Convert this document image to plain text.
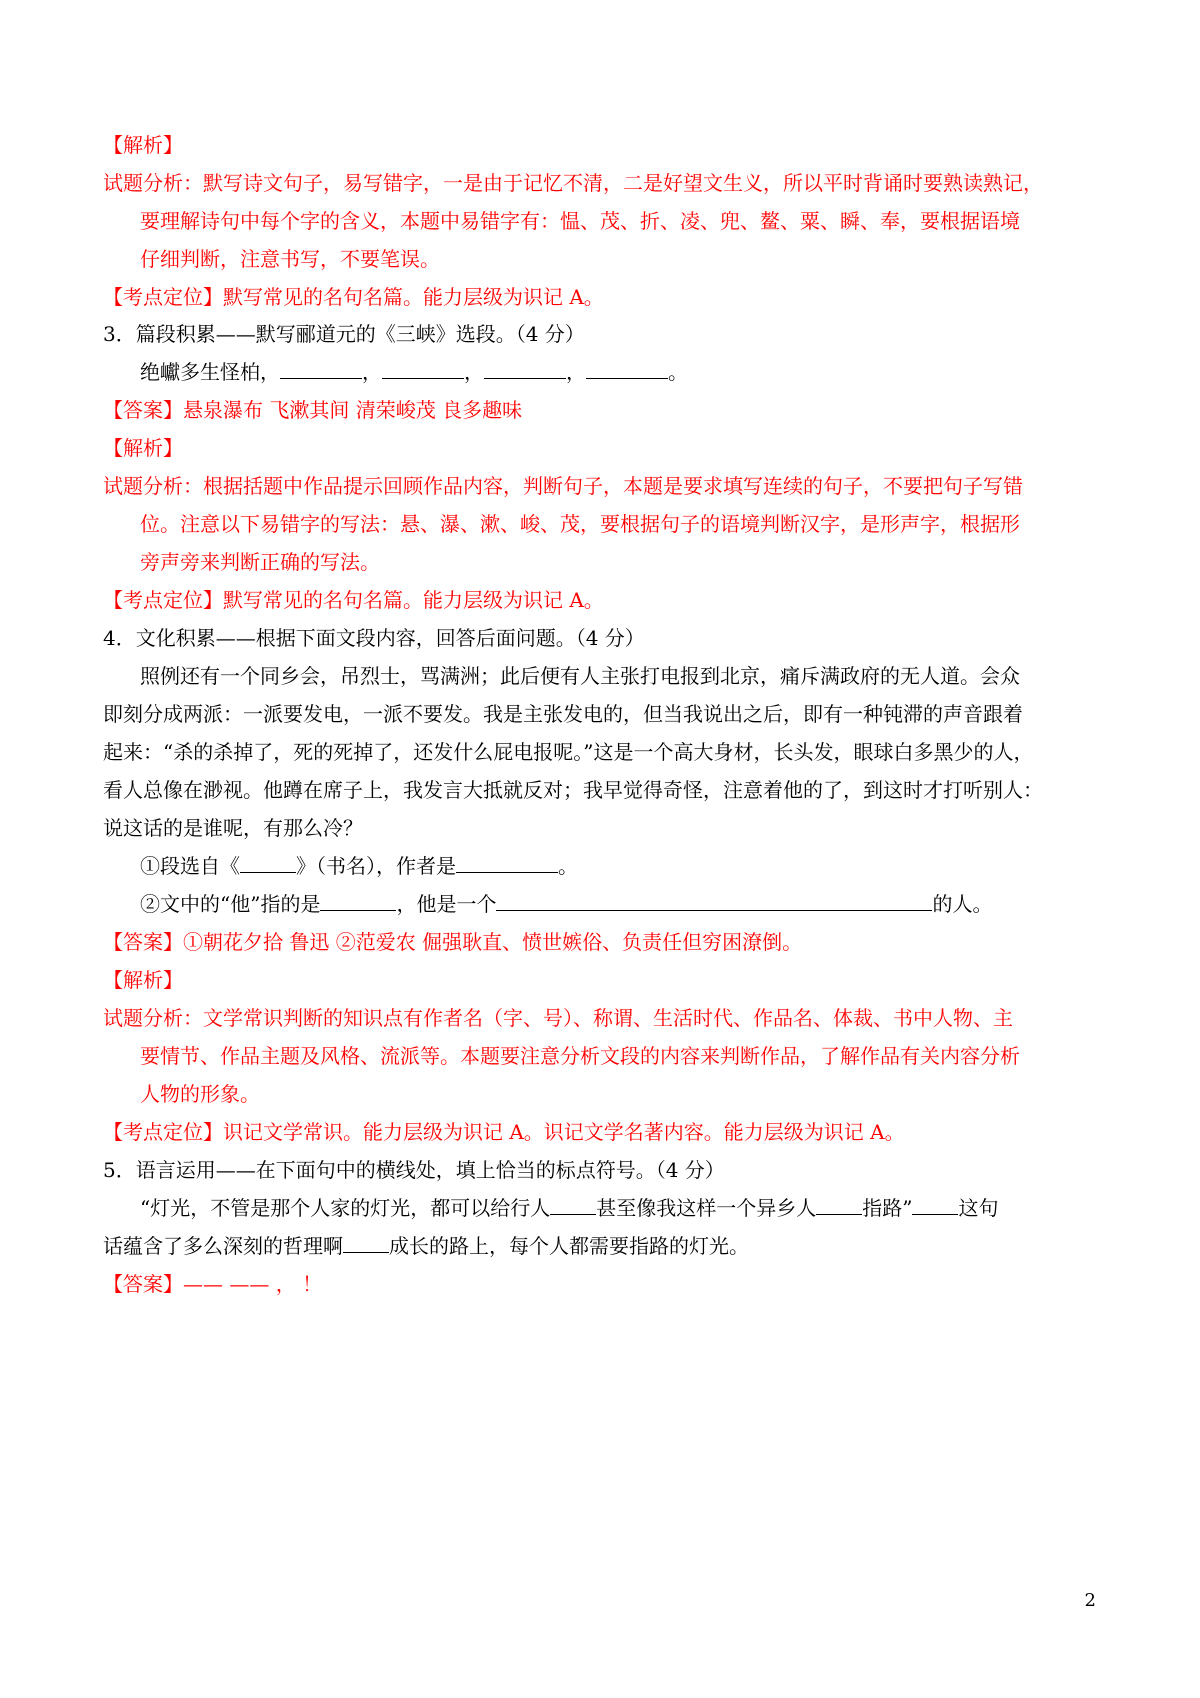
【解析】
试题分析：默写诗文句子，易写错字，一是由于记忆不清，二是好望文生义，所以平时背诵时要熟读熟记，
要理解诗句中每个字的含义，本题中易错字有：愠、茂、折、凌、兜、鳌、粟、瞬、奉，要根据语境
仔细判断，注意书写，不要笔误。
【考点定位】默写常见的名句名篇。能力层级为识记 A。
3．篇段积累——默写郦道元的《三峡》选段。（4 分）
绝巘多生怪柏，	，	，	，	。
【答案】悬泉瀑布 飞漱其间 清荣峻茂 良多趣味
【解析】
试题分析：根据括题中作品提示回顾作品内容，判断句子，本题是要求填写连续的句子，不要把句子写错
位。注意以下易错字的写法：悬、瀑、漱、峻、茂，要根据句子的语境判断汉字，是形声字，根据形
旁声旁来判断正确的写法。
【考点定位】默写常见的名句名篇。能力层级为识记 A。
4．文化积累——根据下面文段内容，回答后面问题。（4 分）
照例还有一个同乡会，吊烈士，骂满洲；此后便有人主张打电报到北京，痛斥满政府的无人道。会众
即刻分成两派：一派要发电，一派不要发。我是主张发电的，但当我说出之后，即有一种钝滞的声音跟着
起来：“杀的杀掉了，死的死掉了，还发什么屁电报呢。”这是一个高大身材，长头发，眼球白多黑少的人，
看人总像在渺视。他蹲在席子上，我发言大抵就反对；我早觉得奇怪，注意着他的了，到这时才打听别人：
说这话的是谁呢，有那么冷？
①段选自《	》（书名），作者是	。
②文中的“他”指的是	，他是一个	的人。
【答案】①朝花夕拾 鲁迅 ②范爱农 倔强耿直、愤世嫉俗、负责任但穷困潦倒。
【解析】
试题分析：文学常识判断的知识点有作者名（字、号）、称谓、生活时代、作品名、体裁、书中人物、主
要情节、作品主题及风格、流派等。本题要注意分析文段的内容来判断作品，了解作品有关内容分析
人物的形象。
【考点定位】识记文学常识。能力层级为识记 A。识记文学名著内容。能力层级为识记 A。
5．语言运用——在下面句中的横线处，填上恰当的标点符号。（4 分）
“灯光，不管是那个人家的灯光，都可以给行人 甚至像我这样一个异乡人 指路” 这句
话蕴含了多么深刻的哲理啊 成长的路上，每个人都需要指路的灯光。
【答案】—— —— ， ！
2
